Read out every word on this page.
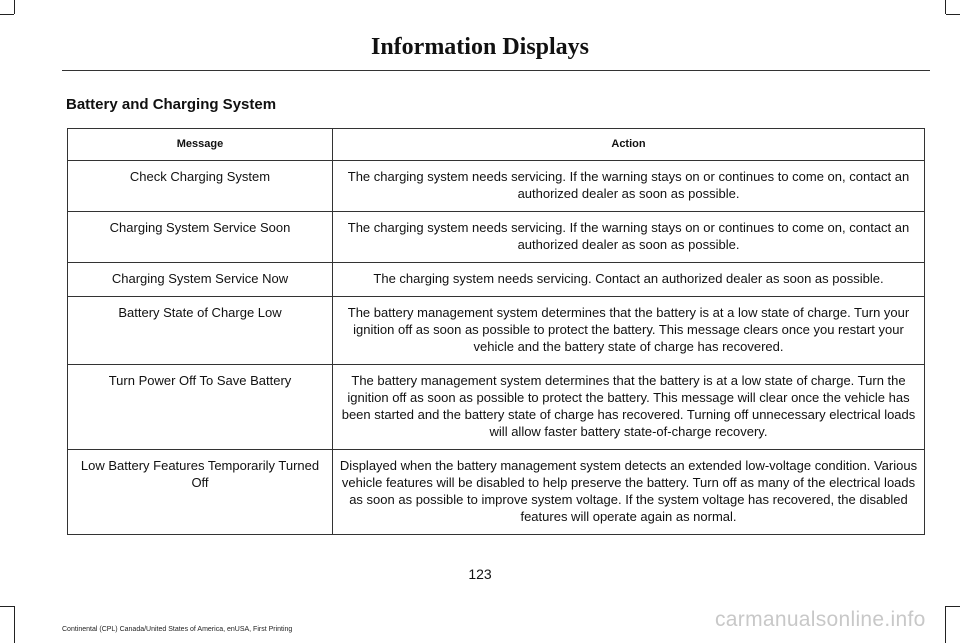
Information Displays
Battery and Charging System
Message	Action
Check Charging System	The charging system needs servicing. If the warning stays on or continues to come on, contact an authorized dealer as soon as possible.
Charging System Service Soon	The charging system needs servicing. If the warning stays on or continues to come on, contact an authorized dealer as soon as possible.
Charging System Service Now	The charging system needs servicing. Contact an authorized dealer as soon as possible.
Battery State of Charge Low	The battery management system determines that the battery is at a low state of charge. Turn your ignition off as soon as possible to protect the battery. This message clears once you restart your vehicle and the battery state of charge has recovered.
Turn Power Off To Save Battery	The battery management system determines that the battery is at a low state of charge. Turn the ignition off as soon as possible to protect the battery. This message will clear once the vehicle has been started and the battery state of charge has recovered. Turning off unnecessary electrical loads will allow faster battery state-of-charge recovery.
Low Battery Features Temporarily Turned Off	Displayed when the battery management system detects an extended low-voltage condition. Various vehicle features will be disabled to help preserve the battery. Turn off as many of the electrical loads as soon as possible to improve system voltage. If the system voltage has recovered, the disabled features will operate again as normal.
123
Continental (CPL) Canada/United States of America, enUSA, First Printing	carmanualsonline.info
